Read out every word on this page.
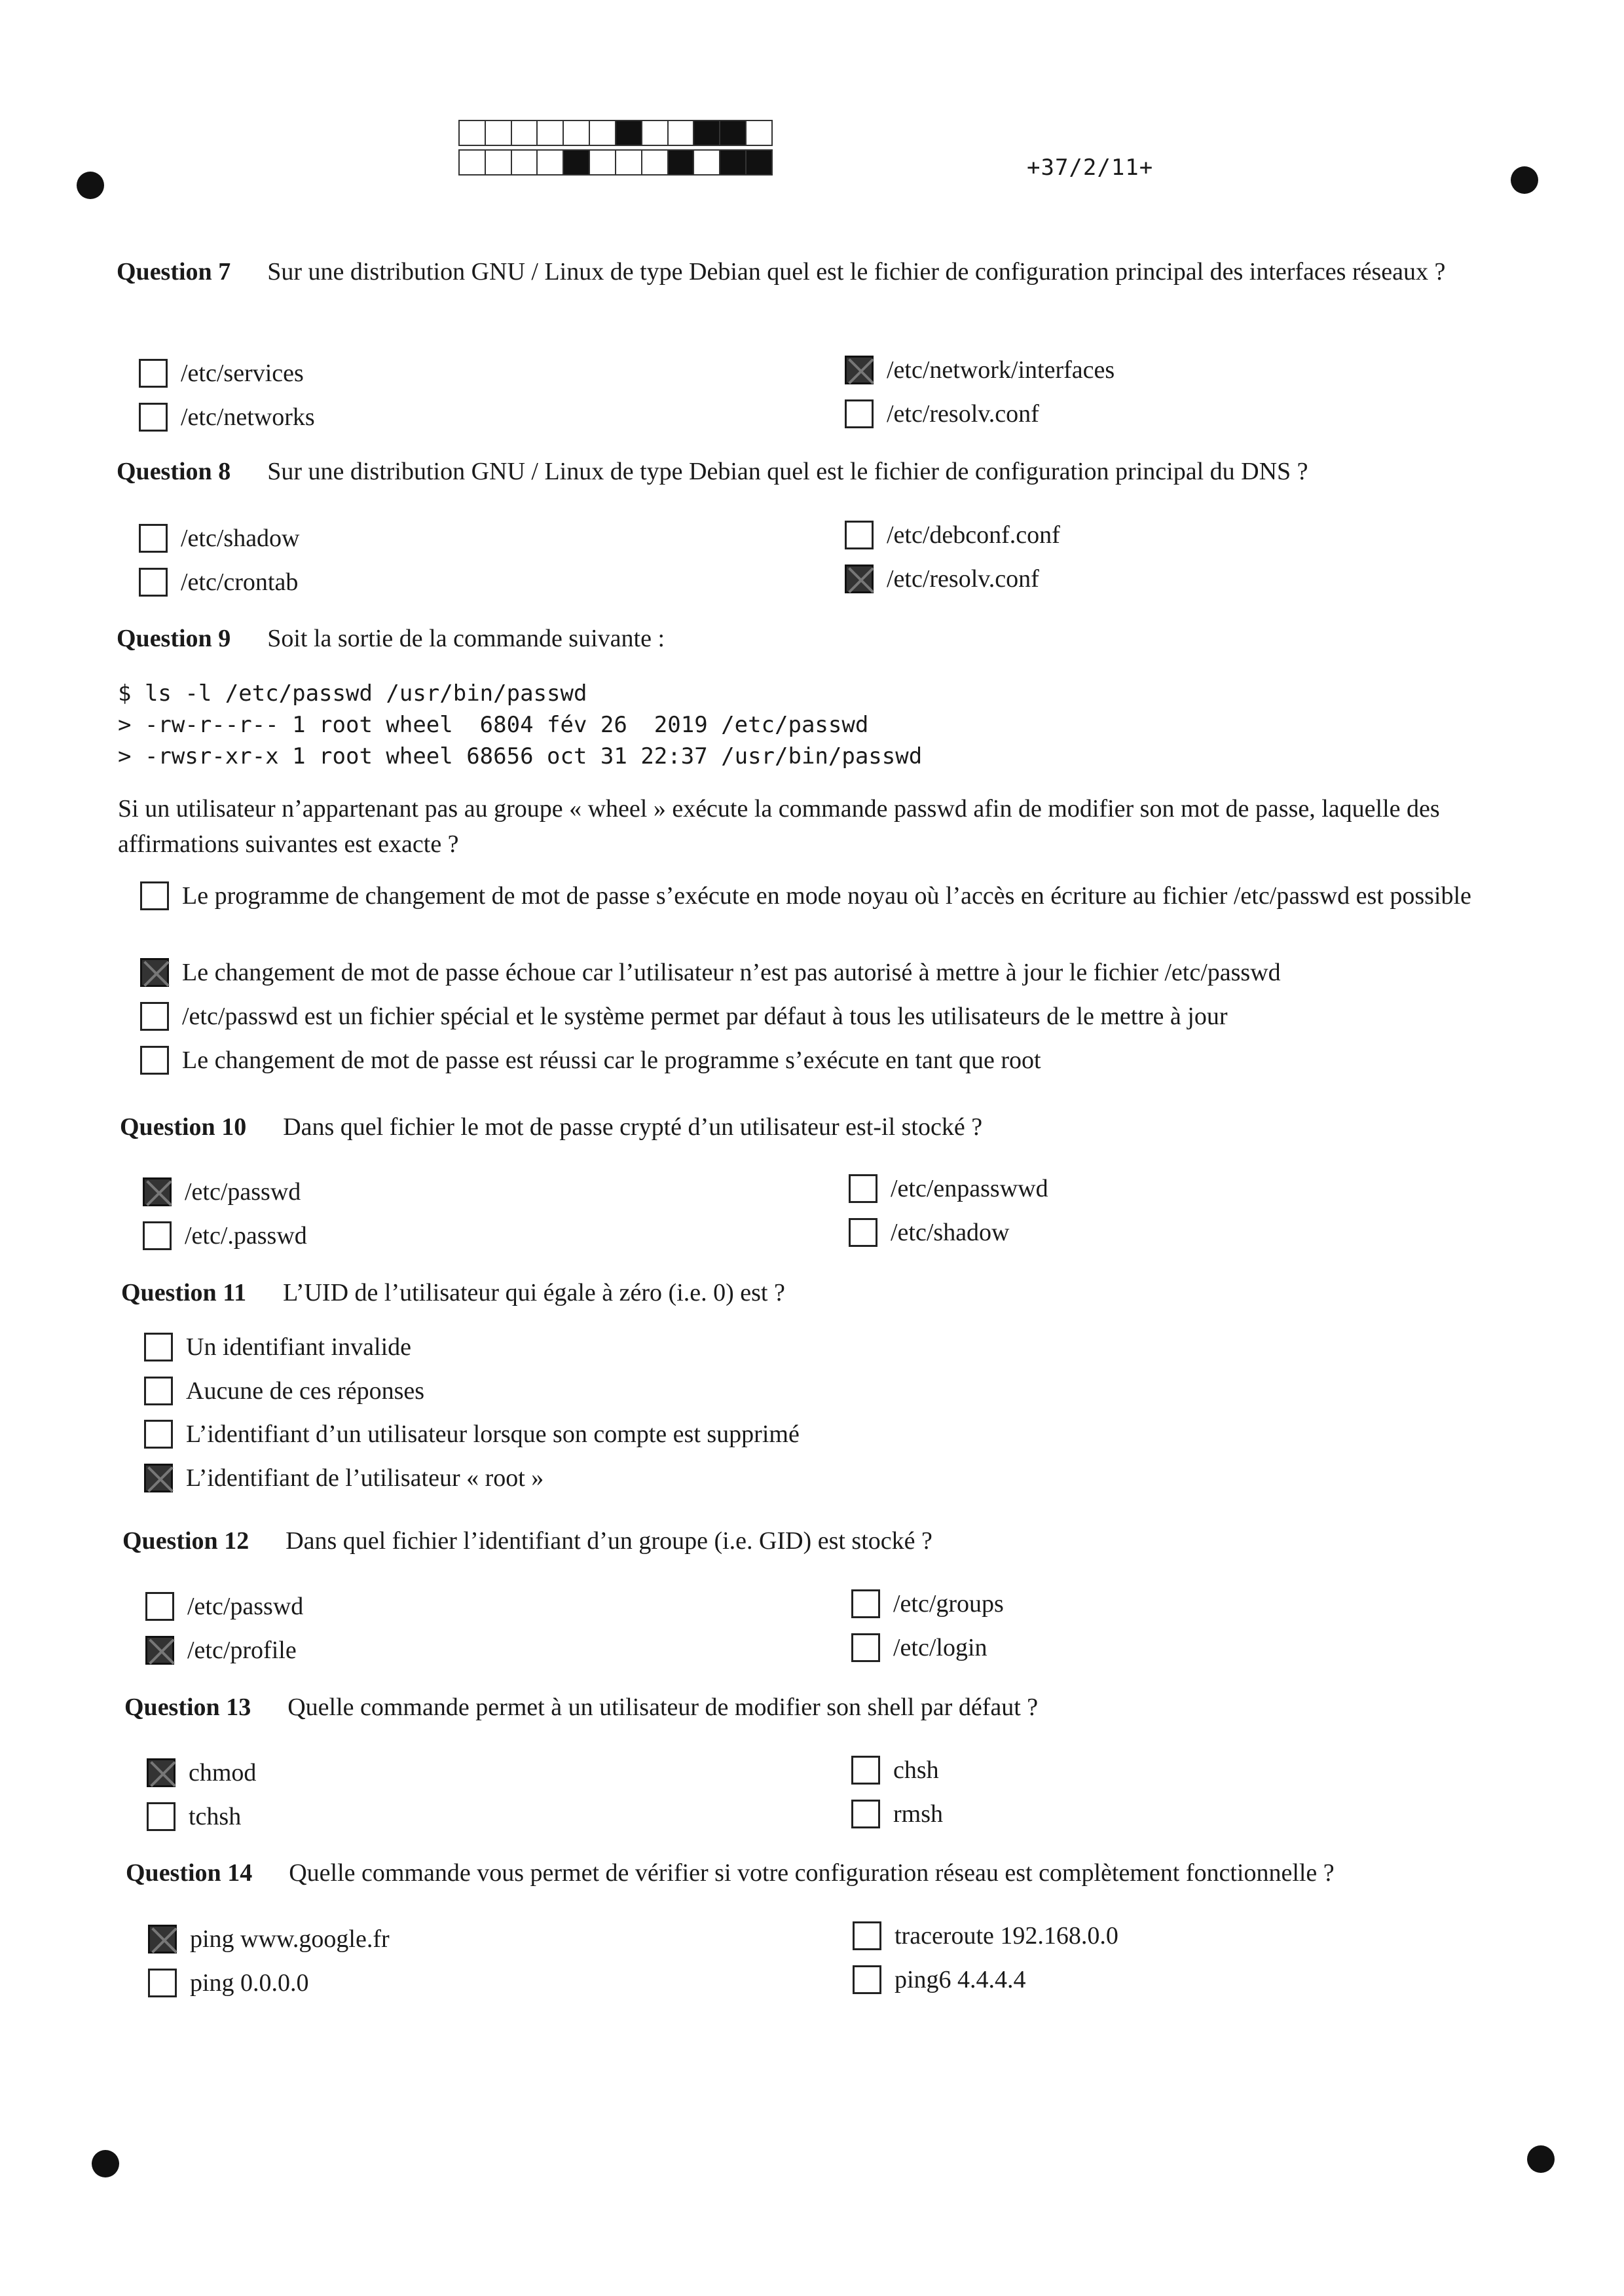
+37/2/11+
Question 7 Sur une distribution GNU / Linux de type Debian quel est le fichier de configuration principal des interfaces réseaux ?
/etc/services
/etc/networks
/etc/network/interfaces
/etc/resolv.conf
Question 8 Sur une distribution GNU / Linux de type Debian quel est le fichier de configuration principal du DNS ?
/etc/shadow
/etc/crontab
/etc/debconf.conf
/etc/resolv.conf
Question 9 Soit la sortie de la commande suivante :
$ ls -l /etc/passwd /usr/bin/passwd
> -rw-r--r-- 1 root wheel  6804 fév 26  2019 /etc/passwd
> -rwsr-xr-x 1 root wheel 68656 oct 31 22:37 /usr/bin/passwd
Si un utilisateur n’appartenant pas au groupe « wheel » exécute la commande passwd afin de modifier son mot de passe, laquelle des affirmations suivantes est exacte ?
Le programme de changement de mot de passe s’exécute en mode noyau où l’accès en écriture au fichier /etc/passwd est possible
Le changement de mot de passe échoue car l’utilisateur n’est pas autorisé à mettre à jour le fichier /etc/passwd
/etc/passwd est un fichier spécial et le système permet par défaut à tous les utilisateurs de le mettre à jour
Le changement de mot de passe est réussi car le programme s’exécute en tant que root
Question 10 Dans quel fichier le mot de passe crypté d’un utilisateur est-il stocké ?
/etc/passwd
/etc/.passwd
/etc/enpasswwd
/etc/shadow
Question 11 L’UID de l’utilisateur qui égale à zéro (i.e. 0) est ?
Un identifiant invalide
Aucune de ces réponses
L’identifiant d’un utilisateur lorsque son compte est supprimé
L’identifiant de l’utilisateur « root »
Question 12 Dans quel fichier l’identifiant d’un groupe (i.e. GID) est stocké ?
/etc/passwd
/etc/profile
/etc/groups
/etc/login
Question 13 Quelle commande permet à un utilisateur de modifier son shell par défaut ?
chmod
tchsh
chsh
rmsh
Question 14 Quelle commande vous permet de vérifier si votre configuration réseau est complètement fonctionnelle ?
ping www.google.fr
ping 0.0.0.0
traceroute 192.168.0.0
ping6 4.4.4.4
